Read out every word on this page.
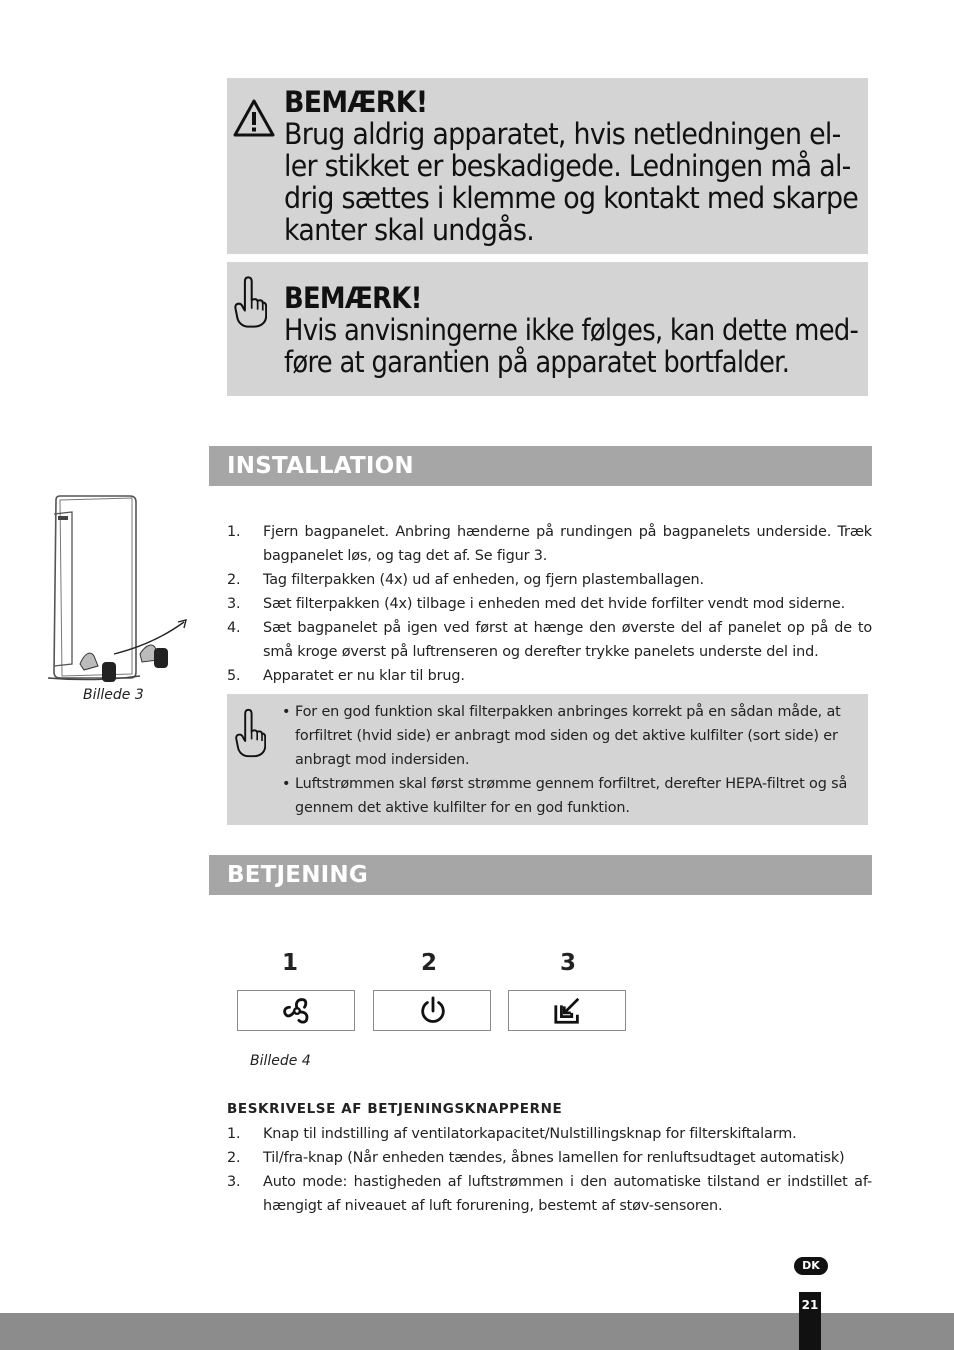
BEMÆRK!
Brug aldrig apparatet, hvis netledningen el-
ler stikket er beskadigede. Ledningen må al-
drig sættes i klemme og kontakt med skarpe
kanter skal undgås.
BEMÆRK!
Hvis anvisningerne ikke følges, kan dette med-
føre at garantien på apparatet bortfalder.
INSTALLATION
Billede 3
1. Fjern bagpanelet. Anbring hænderne på rundingen på bagpanelets underside. Træk bagpanelet løs, og tag det af. Se figur 3.
2. Tag filterpakken (4x) ud af enheden, og fjern plastemballagen.
3. Sæt filterpakken (4x) tilbage i enheden med det hvide forfilter vendt mod siderne.
4. Sæt bagpanelet på igen ved først at hænge den øverste del af panelet op på de to små kroge øverst på luftrenseren og derefter trykke panelets underste del ind.
5. Apparatet er nu klar til brug.
• For en god funktion skal filterpakken anbringes korrekt på en sådan måde, at forfiltret (hvid side) er anbragt mod siden og det aktive kulfilter (sort side) er anbragt mod indersiden.
• Luftstrømmen skal først strømme gennem forfiltret, derefter HEPA-filtret og så gennem det aktive kulfilter for en god funktion.
BETJENING
1	2	3
Billede 4
BESKRIVELSE AF BETJENINGSKNAPPERNE
1. Knap til indstilling af ventilatorkapacitet/Nulstillingsknap for filterskiftalarm.
2. Til/fra-knap (Når enheden tændes, åbnes lamellen for renluftsudtaget automatisk)
3. Auto mode: hastigheden af luftstrømmen i den automatiske tilstand er indstillet af-hængigt af niveauet af luft forurening, bestemt af støv-sensoren.
DK
21
